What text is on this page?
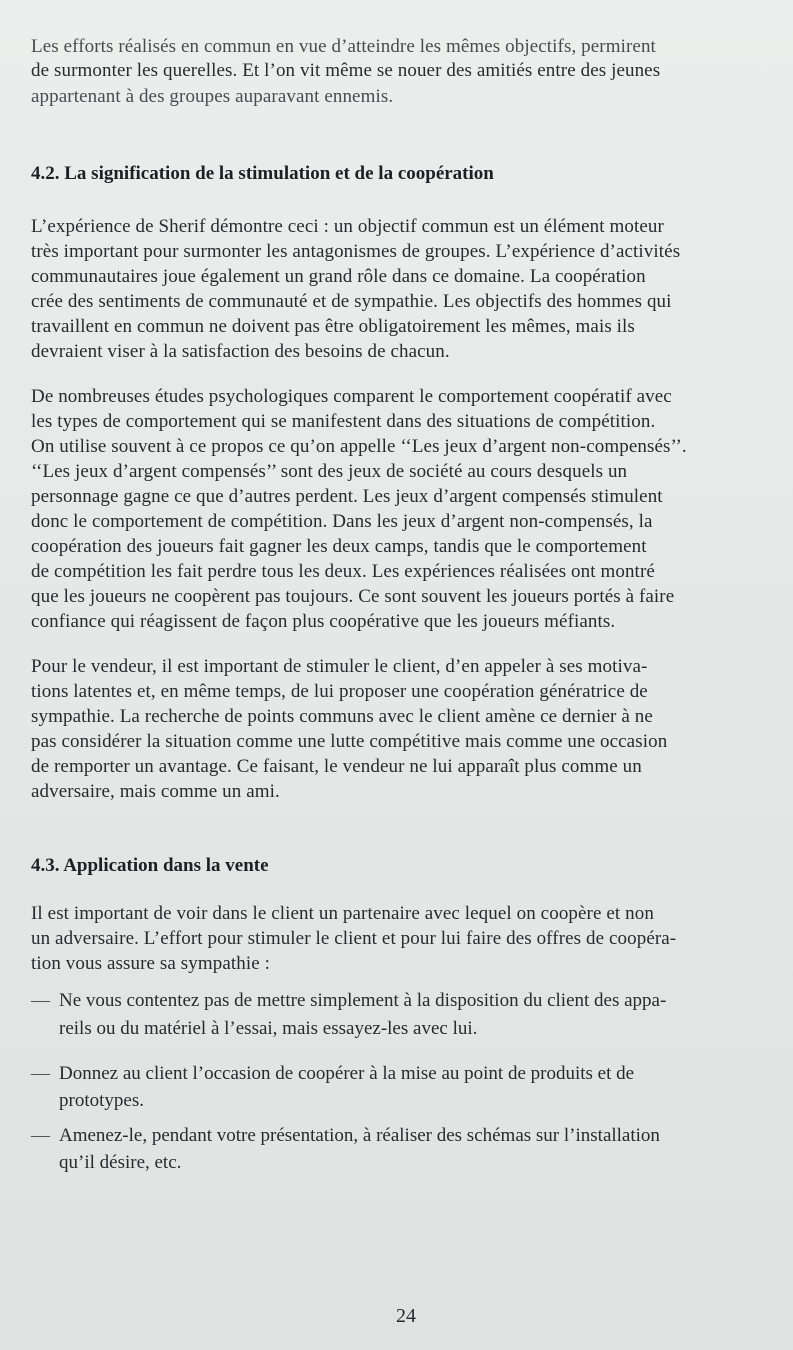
Les efforts réalisés en commun en vue d’atteindre les mêmes objectifs, permirent
de surmonter les querelles. Et l’on vit même se nouer des amitiés entre des jeunes
appartenant à des groupes auparavant ennemis.
4.2. La signification de la stimulation et de la coopération
L’expérience de Sherif démontre ceci : un objectif commun est un élément moteur
très important pour surmonter les antagonismes de groupes. L’expérience d’activités
communautaires joue également un grand rôle dans ce domaine. La coopération
crée des sentiments de communauté et de sympathie. Les objectifs des hommes qui
travaillent en commun ne doivent pas être obligatoirement les mêmes, mais ils
devraient viser à la satisfaction des besoins de chacun.
De nombreuses études psychologiques comparent le comportement coopératif avec
les types de comportement qui se manifestent dans des situations de compétition.
On utilise souvent à ce propos ce qu’on appelle ‘‘Les jeux d’argent non-compensés’’.
‘‘Les jeux d’argent compensés’’ sont des jeux de société au cours desquels un
personnage gagne ce que d’autres perdent. Les jeux d’argent compensés stimulent
donc le comportement de compétition. Dans les jeux d’argent non-compensés, la
coopération des joueurs fait gagner les deux camps, tandis que le comportement
de compétition les fait perdre tous les deux. Les expériences réalisées ont montré
que les joueurs ne coopèrent pas toujours. Ce sont souvent les joueurs portés à faire
confiance qui réagissent de façon plus coopérative que les joueurs méfiants.
Pour le vendeur, il est important de stimuler le client, d’en appeler à ses motiva-
tions latentes et, en même temps, de lui proposer une coopération génératrice de
sympathie. La recherche de points communs avec le client amène ce dernier à ne
pas considérer la situation comme une lutte compétitive mais comme une occasion
de remporter un avantage. Ce faisant, le vendeur ne lui apparaît plus comme un
adversaire, mais comme un ami.
4.3. Application dans la vente
Il est important de voir dans le client un partenaire avec lequel on coopère et non
un adversaire. L’effort pour stimuler le client et pour lui faire des offres de coopéra-
tion vous assure sa sympathie :
— Ne vous contentez pas de mettre simplement à la disposition du client des appa-
reils ou du matériel à l’essai, mais essayez-les avec lui.
— Donnez au client l’occasion de coopérer à la mise au point de produits et de
prototypes.
— Amenez-le, pendant votre présentation, à réaliser des schémas sur l’installation
qu’il désire, etc.
24
